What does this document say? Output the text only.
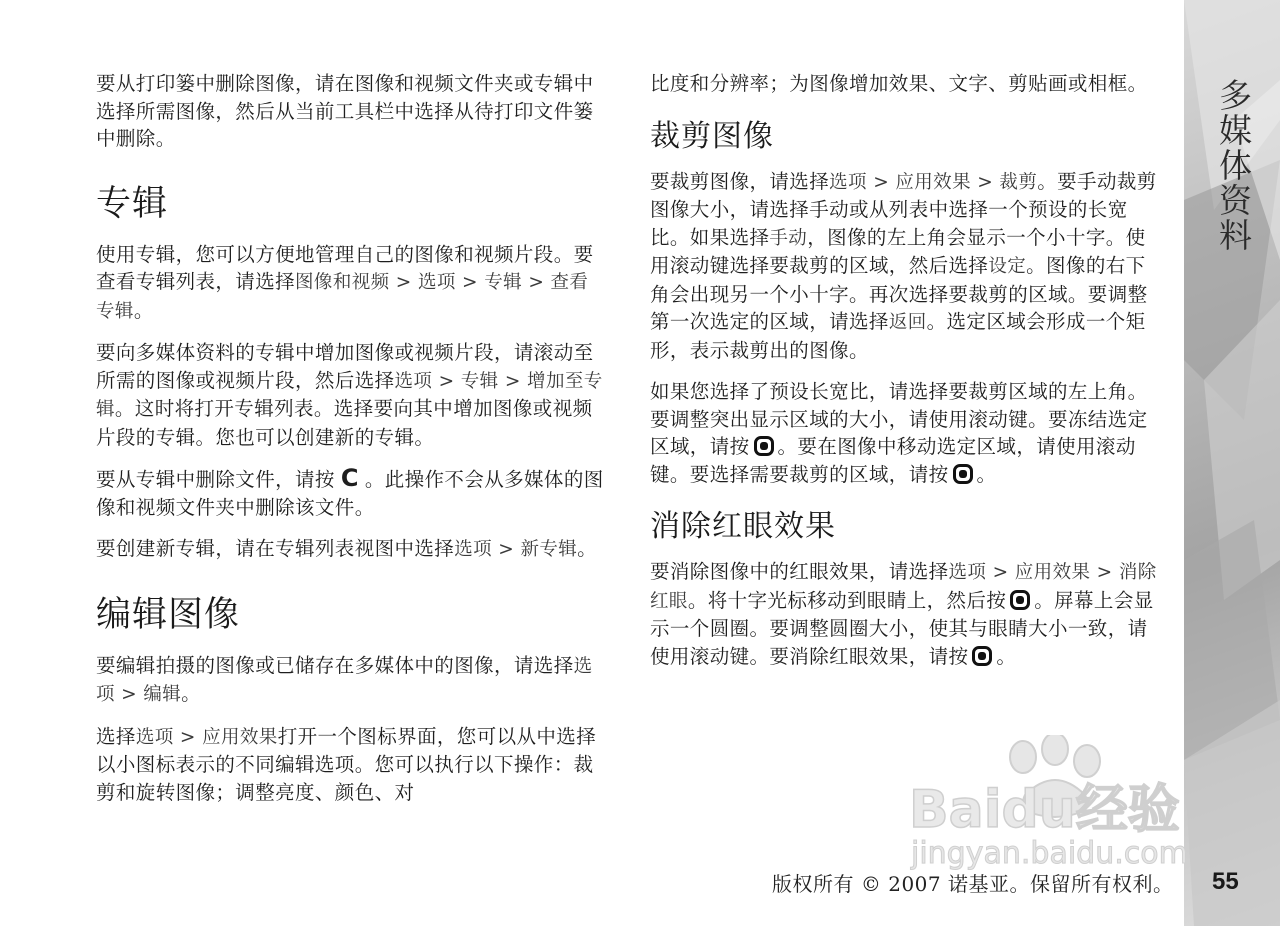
要从打印篓中删除图像，请在图像和视频文件夹或专辑中选择所需图像，然后从当前工具栏中选择从待打印文件篓中删除。

专辑

使用专辑，您可以方便地管理自己的图像和视频片段。要查看专辑列表，请选择图像和视频 > 选项 > 专辑 > 查看专辑。

要向多媒体资料的专辑中增加图像或视频片段，请滚动至所需的图像或视频片段，然后选择选项 > 专辑 > 增加至专辑。这时将打开专辑列表。选择要向其中增加图像或视频片段的专辑。您也可以创建新的专辑。

要从专辑中删除文件，请按 C 。此操作不会从多媒体的图像和视频文件夹中删除该文件。

要创建新专辑，请在专辑列表视图中选择选项 > 新专辑。

编辑图像

要编辑拍摄的图像或已储存在多媒体中的图像，请选择选项 > 编辑。

选择选项 > 应用效果打开一个图标界面，您可以从中选择以小图标表示的不同编辑选项。您可以执行以下操作：裁剪和旋转图像；调整亮度、颜色、对

比度和分辨率；为图像增加效果、文字、剪贴画或相框。

裁剪图像

要裁剪图像，请选择选项 > 应用效果 > 裁剪。要手动裁剪图像大小，请选择手动或从列表中选择一个预设的长宽比。如果选择手动，图像的左上角会显示一个小十字。使用滚动键选择要裁剪的区域，然后选择设定。图像的右下角会出现另一个小十字。再次选择要裁剪的区域。要调整第一次选定的区域，请选择返回。选定区域会形成一个矩形，表示裁剪出的图像。

如果您选择了预设长宽比，请选择要裁剪区域的左上角。要调整突出显示区域的大小，请使用滚动键。要冻结选定区域，请按 。要在图像中移动选定区域，请使用滚动键。要选择需要裁剪的区域，请按 。

消除红眼效果

要消除图像中的红眼效果，请选择选项 > 应用效果 > 消除红眼。将十字光标移动到眼睛上，然后按 。屏幕上会显示一个圆圈。要调整圆圈大小，使其与眼睛大小一致，请使用滚动键。要消除红眼效果，请按 。

多媒体资料
Baidu经验
jingyan.baidu.com
版权所有 © 2007 诺基亚。保留所有权利。 55
